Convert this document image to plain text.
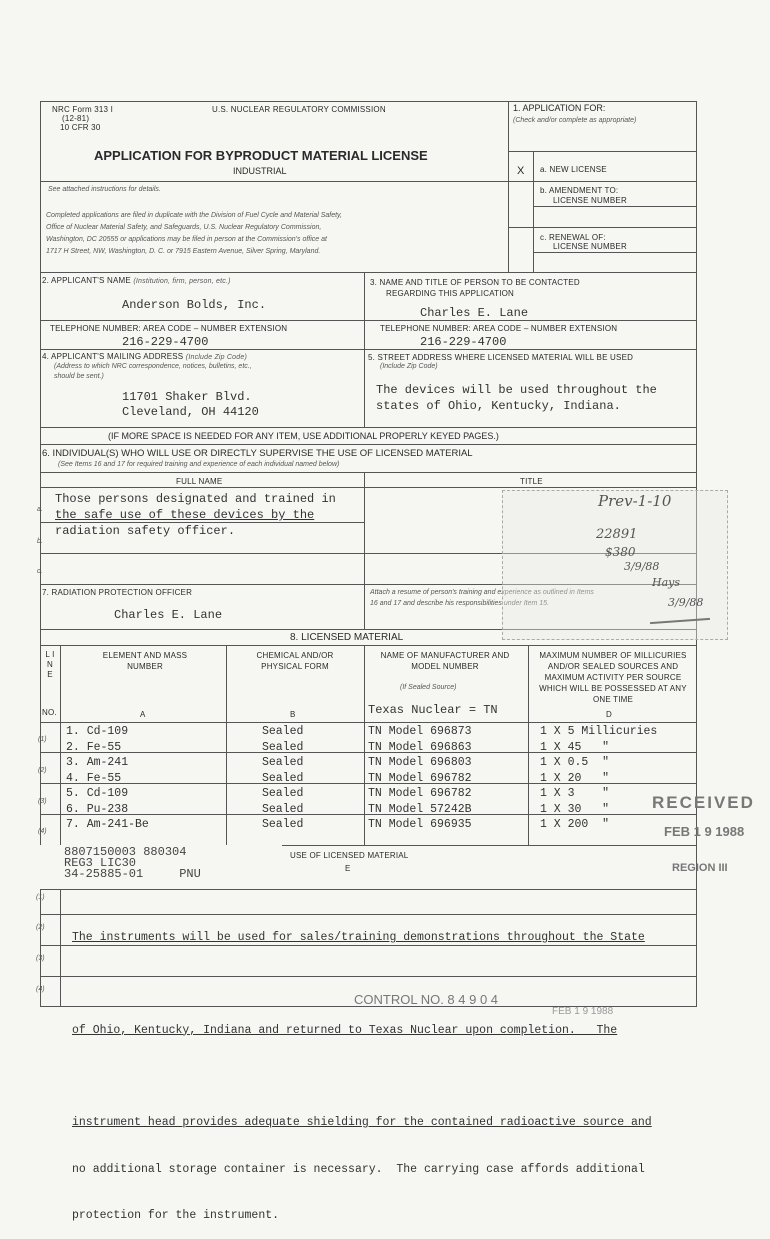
NRC Form 313 I
(12-81)
10 CFR 30
U.S. NUCLEAR REGULATORY COMMISSION
APPLICATION FOR BYPRODUCT MATERIAL LICENSE
INDUSTRIAL
See attached instructions for details.
Completed applications are filed in duplicate with the Division of Fuel Cycle and Material Safety,
Office of Nuclear Material Safety, and Safeguards, U.S. Nuclear Regulatory Commission,
Washington, DC 20555 or applications may be filed in person at the Commission's office at
1717 H Street, NW, Washington, D. C. or 7915 Eastern Avenue, Silver Spring, Maryland.
1. APPLICATION FOR:
(Check and/or complete as appropriate)
X a. NEW LICENSE
b. AMENDMENT TO:
LICENSE NUMBER
c. RENEWAL OF:
LICENSE NUMBER
2. APPLICANT'S NAME (Institution, firm, person, etc.)
Anderson Bolds, Inc.
TELEPHONE NUMBER: AREA CODE – NUMBER EXTENSION
216-229-4700
3. NAME AND TITLE OF PERSON TO BE CONTACTED
REGARDING THIS APPLICATION
Charles E. Lane
TELEPHONE NUMBER: AREA CODE – NUMBER EXTENSION
216-229-4700
4. APPLICANT'S MAILING ADDRESS (Include Zip Code)
(Address to which NRC correspondence, notices, bulletins, etc.,
should be sent.)
11701 Shaker Blvd.
Cleveland, OH 44120
5. STREET ADDRESS WHERE LICENSED MATERIAL WILL BE USED
(Include Zip Code)
The devices will be used throughout the
states of Ohio, Kentucky, Indiana.
(IF MORE SPACE IS NEEDED FOR ANY ITEM, USE ADDITIONAL PROPERLY KEYED PAGES.)
6. INDIVIDUAL(S) WHO WILL USE OR DIRECTLY SUPERVISE THE USE OF LICENSED MATERIAL
(See Items 16 and 17 for required training and experience of each individual named below)
FULL NAME	TITLE
a.
b.
c.
Those persons designated and trained in
the safe use of these devices by the
radiation safety officer.
7. RADIATION PROTECTION OFFICER
Charles E. Lane
Attach a resume of person's training and experience as outlined in Items
16 and 17 and describe his responsibilities under Item 15.
8. LICENSED MATERIAL
L I N E
NO.
ELEMENT AND MASS NUMBER
CHEMICAL AND/OR PHYSICAL FORM
NAME OF MANUFACTURER AND MODEL NUMBER
(If Sealed Source)
MAXIMUM NUMBER OF MILLICURIES AND/OR SEALED SOURCES AND MAXIMUM ACTIVITY PER SOURCE WHICH WILL BE POSSESSED AT ANY ONE TIME
Texas Nuclear = TN
A	B	D
(1)
(2)
(3)
(4)
1. Cd-109	Sealed	TN Model 696873	1 X 5 Millicuries
2. Fe-55	Sealed	TN Model 696863	1 X 45   "
3. Am-241	Sealed	TN Model 696803	1 X 0.5  "
4. Fe-55	Sealed	TN Model 696782	1 X 20   "
5. Cd-109	Sealed	TN Model 696782	1 X 3    "
6. Pu-238	Sealed	TN Model 57242B	1 X 30   "
7. Am-241-Be	Sealed	TN Model 696935	1 X 200  "
8807150003 880304
REG3 LIC30
34-25885-01	PNU
USE OF LICENSED MATERIAL
E
(1)
(2)
(3)
(4)

The instruments will be used for sales/training demonstrations throughout the State

of Ohio, Kentucky, Indiana and returned to Texas Nuclear upon completion.   The

instrument head provides adequate shielding for the contained radioactive source and

no additional storage container is necessary.  The carrying case affords additional

protection for the instrument.

RECEIVED
FEB 1 9 1988
REGION III
CONTROL NO. 8 4 9 0 4
FEB 1 9 1988
Prev-1-10
22891
$380
3/9/88
Hays
3/9/88
